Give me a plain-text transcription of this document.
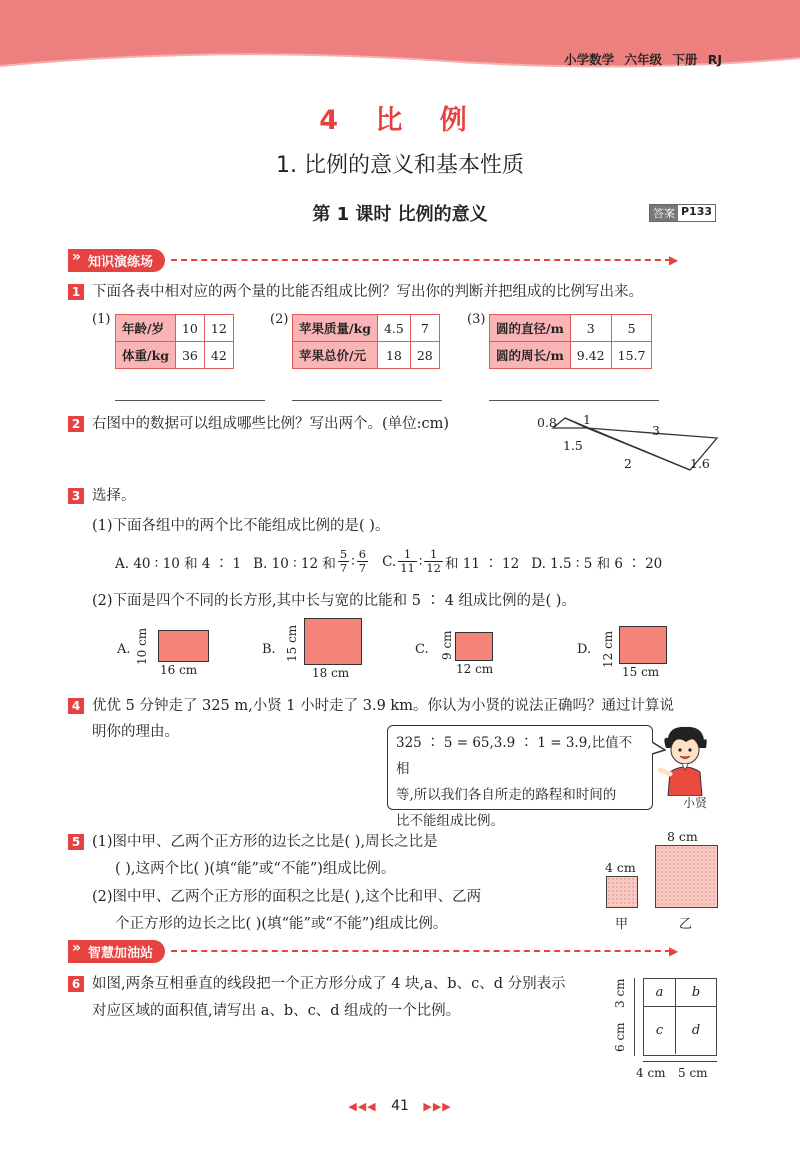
小学数学 六年级 下册 RJ
4 比 例
1. 比例的意义和基本性质
第 1 课时 比例的意义	答案 P133
» 知识演练场	▶
1 下面各表中相对应的两个量的比能否组成比例？写出你的判断并把组成的比例写出来。
(1)
年龄/岁	10	12
体重/kg	36	42
(2)
苹果质量/kg	4.5	7
苹果总价/元	18	28
(3)
圆的直径/m	3	5
圆的周长/m	9.42	15.7
2 右图中的数据可以组成哪些比例？写出两个。(单位:cm)	0.8 1
1.5
3
2	1.6
3 选择。
(1)下面各组中的两个比不能组成比例的是( )。
A. 40 ∶ 10 和 4 ∶ 1 B. 10 ∶ 12 和 $\frac{5}{7}$ ∶ $\frac{6}{7} C$. $\frac{1}{11}$ ∶ $\frac{1}{12}$ 和 11 ∶ 12 D. 1.5 ∶ 5 和 6 ∶ 20
(2)下面是四个不同的长方形,其中长与宽的比能和 5 ∶ 4 组成比例的是( )。
A. 10 cm
16 cm
B. 15 cm
18 cm
C. 9 cm
12 cm
D. 12 cm
15 cm
4 优优 5 分钟走了 325 m,小贤 1 小时走了 3.9 km。你认为小贤的说法正确吗？通过计算说
明你的理由。
325 ∶ 5 = 65,3.9 ∶ 1 = 3.9,比值不相
等,所以我们各自所走的路程和时间的
比不能组成比例。
小贤
5 (1)图中甲、乙两个正方形的边长之比是( ),周长之比是
( ),这两个比( )(填“能”或“不能”)组成比例。
(2)图中甲、乙两个正方形的面积之比是( ),这个比和甲、乙两
个正方形的边长之比( )(填“能”或“不能”)组成比例。
4 cm
甲
8 cm
乙
» 智慧加油站	▶
6 如图,两条互相垂直的线段把一个正方形分成了 4 块,a、b、c、d 分别表示
对应区域的面积值,请写出 a、b、c、d 组成的一个比例。
a	b
c	d
3 cm
6 cm
4 cm 5 cm
◀◀◀ 41 ▶▶▶
